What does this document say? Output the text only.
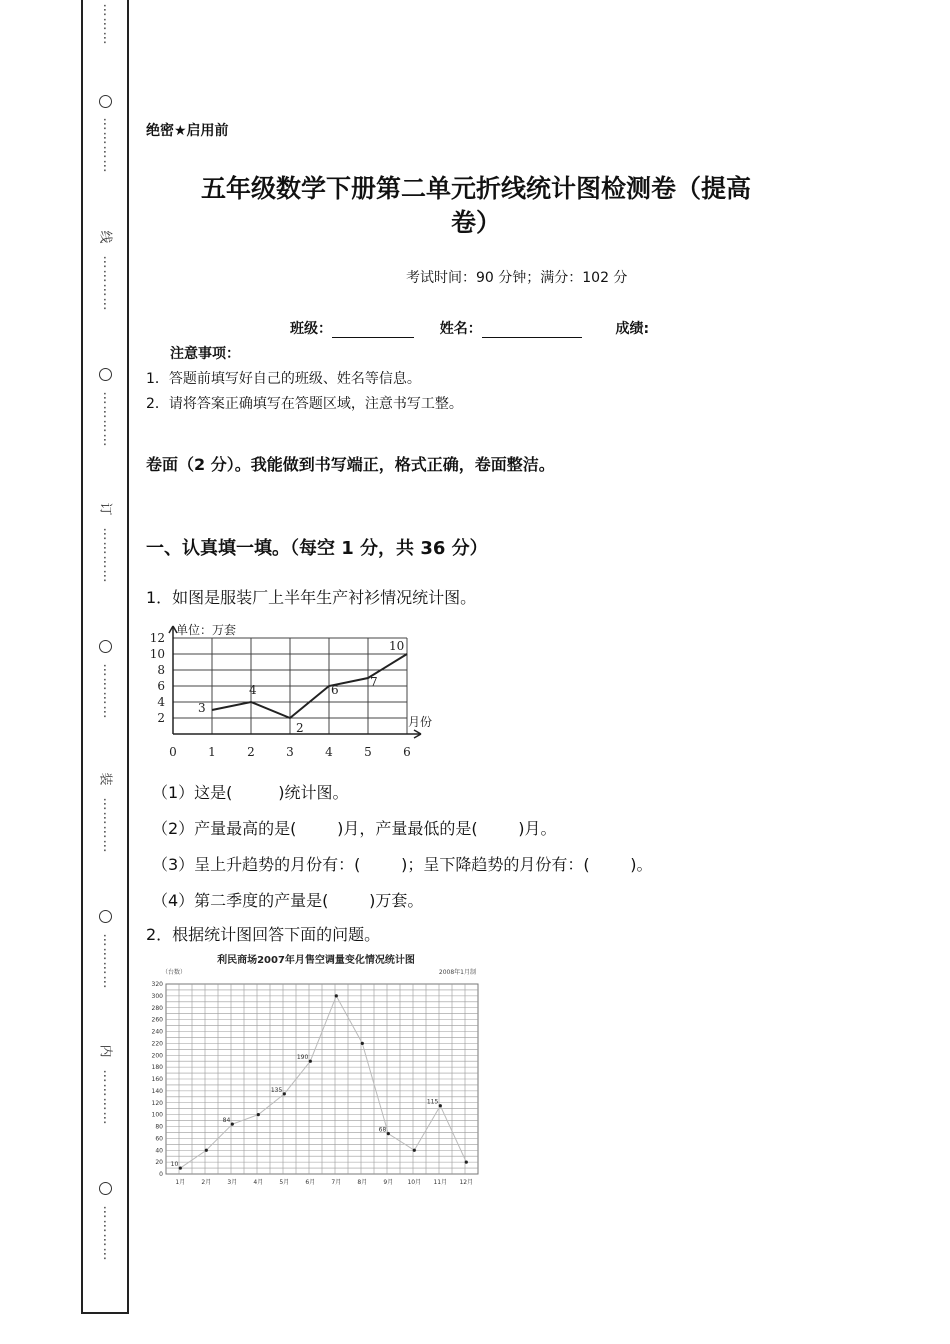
⋮
⋮
⋮
⋮
⋮
⋮
⋮
线
⋮
⋮
⋮
⋮
⋮
⋮
⋮
⋮
订
⋮
⋮
⋮
⋮
⋮
⋮
⋮
⋮
装
⋮
⋮
⋮
⋮
⋮
⋮
⋮
⋮
内
⋮
⋮
⋮
⋮
⋮
⋮
⋮
⋮
绝密★启用前
五年级数学下册第二单元折线统计图检测卷（提高
卷）
考试时间：90 分钟；满分：102 分
班级：	姓名：	成绩:
注意事项：
1．答题前填写好自己的班级、姓名等信息。
2．请将答案正确填写在答题区域，注意书写工整。
卷面（2 分）。我能做到书写端正，格式正确，卷面整洁。
一、认真填一填。（每空 1 分，共 36 分）
1．如图是服装厂上半年生产衬衫情况统计图。
2
4
6
8
10
12
0	1	2	3	4	5	6
3
4
2
6
7
10
单位：万套
月份
（1）这是(         )统计图。
（2）产量最高的是(        )月，产量最低的是(        )月。
（3）呈上升趋势的月份有：(        )；呈下降趋势的月份有：(        )。
（4）第二季度的产量是(        )万套。
2．根据统计图回答下面的问题。
利民商场2007年月售空调量变化情况统计图
2008年1月制
（台数）
0
20
40
60
80
100
120
140
160
180
200
220
240
260
280
300
320
1月	2月	3月	4月	5月	6月	7月	8月	9月 10月 11月 12月
10
84
135
190
68
115
